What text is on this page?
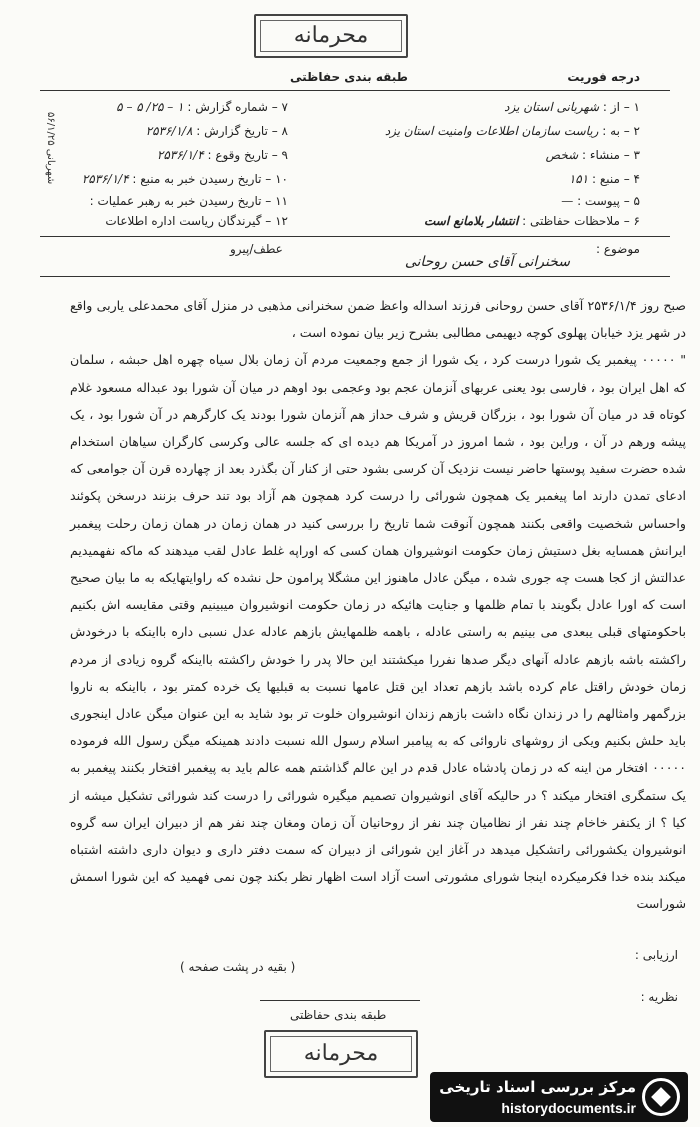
محرمانه
طبقه بندی حفاظتی	درجه فوریت
۱ – از : شهربانی استان یزد
۲ – به : ریاست سازمان اطلاعات وامنیت استان یزد
۳ – منشاء : شخص
۴ – منبع : ۱۵۱
۵ – پیوست : —
۶ – ملاحظات حفاظتی : انتشار بلامانع است
۷ – شماره گزارش : ۱ – ۲۵/ ۵ – ۵
۸ – تاریخ گزارش : ۲۵۳۶/۱/۸
۹ – تاریخ وقوع : ۲۵۳۶/۱/۴
۱۰ – تاریخ رسیدن خبر به منبع : ۲۵۳۶/۱/۴
۱۱ – تاریخ رسیدن خبر به رهبر عملیات :
۱۲ – گیرندگان ریاست اداره اطلاعات
شهربانی ۵۶/۱/۲۵
موضوع :
سخنرانی آقای حسن روحانی
عطف/پیرو

صبح روز ۲۵۳۶/۱/۴ آقای حسن روحانی فرزند اسداله واعظ ضمن سخنرانی مذهبی در منزل آقای محمدعلی یاربی واقع در شهر یزد خیابان پهلوی کوچه دیهیمی مطالبی بشرح زیر بیان نموده است ،

" ۰۰۰۰۰ پیغمبر یک شورا درست کرد ، یک شورا از جمع وجمعیت مردم آن زمان بلال سیاه چهره اهل حبشه ، سلمان که اهل ایران بود ، فارسی بود یعنی عربهای آنزمان عجم بود وعجمی بود اوهم در میان آن شورا بود عبداله مسعود غلام کوتاه قد در میان آن شورا بود ، بزرگان قریش و شرف حداز هم آنزمان شورا بودند یک کارگرهم در آن شورا بود ، یک پیشه ورهم در آن ، وراین بود ، شما امروز در آمریکا هم دیده ای که جلسه عالی وکرسی کارگران سیاهان استخدام شده حضرت سفید پوستها حاضر نیست نزدیک آن کرسی بشود حتی از کنار آن بگذرد بعد از چهارده قرن آن جوامعی که ادعای تمدن دارند اما پیغمبر یک همچون شورائی را درست کرد همچون هم آزاد بود تند حرف بزنند درسخن پکوئند واحساس شخصیت واقعی بکنند همچون آنوقت شما تاریخ را بررسی کنید در همان زمان در همان زمان رحلت پیغمبر ایرانش همسایه بغل دستیش زمان حکومت انوشیروان همان کسی که اوراپه غلط عادل لقب میدهند که ماکه نفهمیدیم عدالتش از کجا هست چه جوری شده ، میگن عادل ماهنوز این مشگلا پرامون حل نشده که راوایتهایکه به ما بیان صحیح است که اورا عادل بگویند با تمام ظلمها و جنایت هائیکه در زمان حکومت انوشیروان میبینیم وقتی مقایسه اش بکنیم باحکومتهای قبلی یبعدی می بینیم به راستی عادله ، باهمه ظلمهایش بازهم عادله عدل نسبی داره بااینکه با درخودش راکشته باشه بازهم عادله آنهای دیگر صدها نفررا میکشتند این حالا پدر را خودش راکشته بااینکه گروه زیادی از مردم زمان خودش راقتل عام کرده باشد بازهم تعداد این قتل عامها نسبت به قبلیها یک خرده کمتر بود ، بااینکه به ناروا بزرگمهر وامثالهم را در زندان نگاه داشت بازهم زندان انوشیروان خلوت تر بود شاید به این عنوان میگن عادل اینجوری باید حلش بکنیم ویکی از روشهای ناروائی که به پیامبر اسلام رسول الله نسبت دادند همینکه میگن رسول الله فرموده ۰۰۰۰۰ افتخار من اینه که در زمان پادشاه عادل قدم در این عالم گذاشتم همه عالم باید به پیغمبر افتخار بکنند پیغمبر به یک ستمگری افتخار میکند ؟ در حالیکه آقای انوشیروان تصمیم میگیره شورائی را درست کند شورائی تشکیل میشه از کیا ؟ از یکنفر خاخام چند نفر از نظامیان چند نفر از روحانیان آن زمان ومغان چند نفر هم از دبیران ایران سه گروه انوشیروان یکشورائی راتشکیل میدهد در آغاز این شورائی از دبیران که سمت دفتر داری و دیوان داری داشته اشتباه میکند بنده خدا فکرمیکرده اینجا شورای مشورتی است آزاد است اظهار نظر بکند چون نمی فهمید که این شورا اسمش شوراست

( بقیه در پشت صفحه )
ارزیابی :
نظریه :
طبقه بندی حفاظتی
محرمانه
مرکز بررسی اسناد تاریخی
historydocuments.ir
